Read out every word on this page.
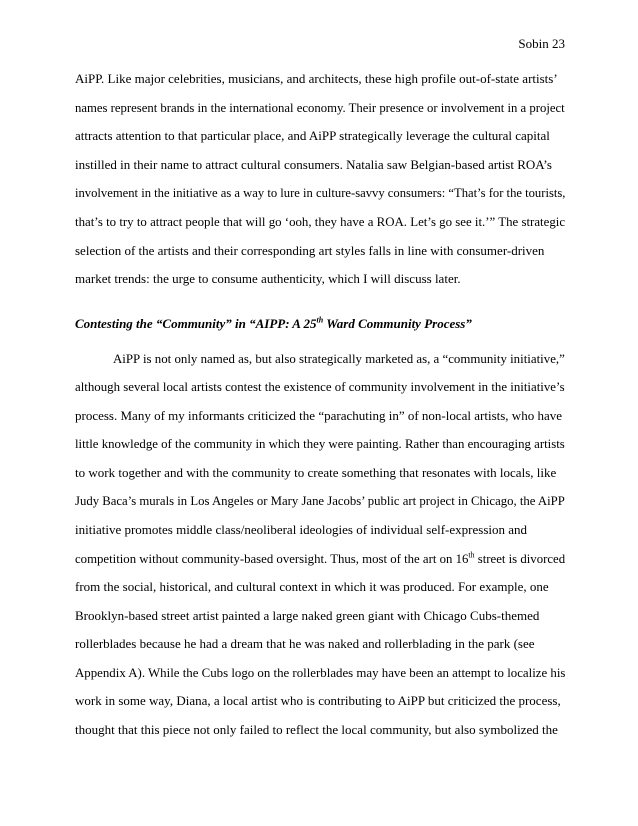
Sobin 23
AiPP. Like major celebrities, musicians, and architects, these high profile out-of-state artists’
names represent brands in the international economy. Their presence or involvement in a project
attracts attention to that particular place, and AiPP strategically leverage the cultural capital
instilled in their name to attract cultural consumers. Natalia saw Belgian-based artist ROA’s
involvement in the initiative as a way to lure in culture-savvy consumers: “That’s for the tourists,
that’s to try to attract people that will go ‘ooh, they have a ROA. Let’s go see it.’” The strategic
selection of the artists and their corresponding art styles falls in line with consumer-driven
market trends: the urge to consume authenticity, which I will discuss later.
Contesting the “Community” in “AIPP: A 25th Ward Community Process”
AiPP is not only named as, but also strategically marketed as, a “community initiative,”
although several local artists contest the existence of community involvement in the initiative’s
process. Many of my informants criticized the “parachuting in” of non-local artists, who have
little knowledge of the community in which they were painting. Rather than encouraging artists
to work together and with the community to create something that resonates with locals, like
Judy Baca’s murals in Los Angeles or Mary Jane Jacobs’ public art project in Chicago, the AiPP
initiative promotes middle class/neoliberal ideologies of individual self-expression and
competition without community-based oversight. Thus, most of the art on 16th street is divorced
from the social, historical, and cultural context in which it was produced. For example, one
Brooklyn-based street artist painted a large naked green giant with Chicago Cubs-themed
rollerblades because he had a dream that he was naked and rollerblading in the park (see
Appendix A). While the Cubs logo on the rollerblades may have been an attempt to localize his
work in some way, Diana, a local artist who is contributing to AiPP but criticized the process,
thought that this piece not only failed to reflect the local community, but also symbolized the
